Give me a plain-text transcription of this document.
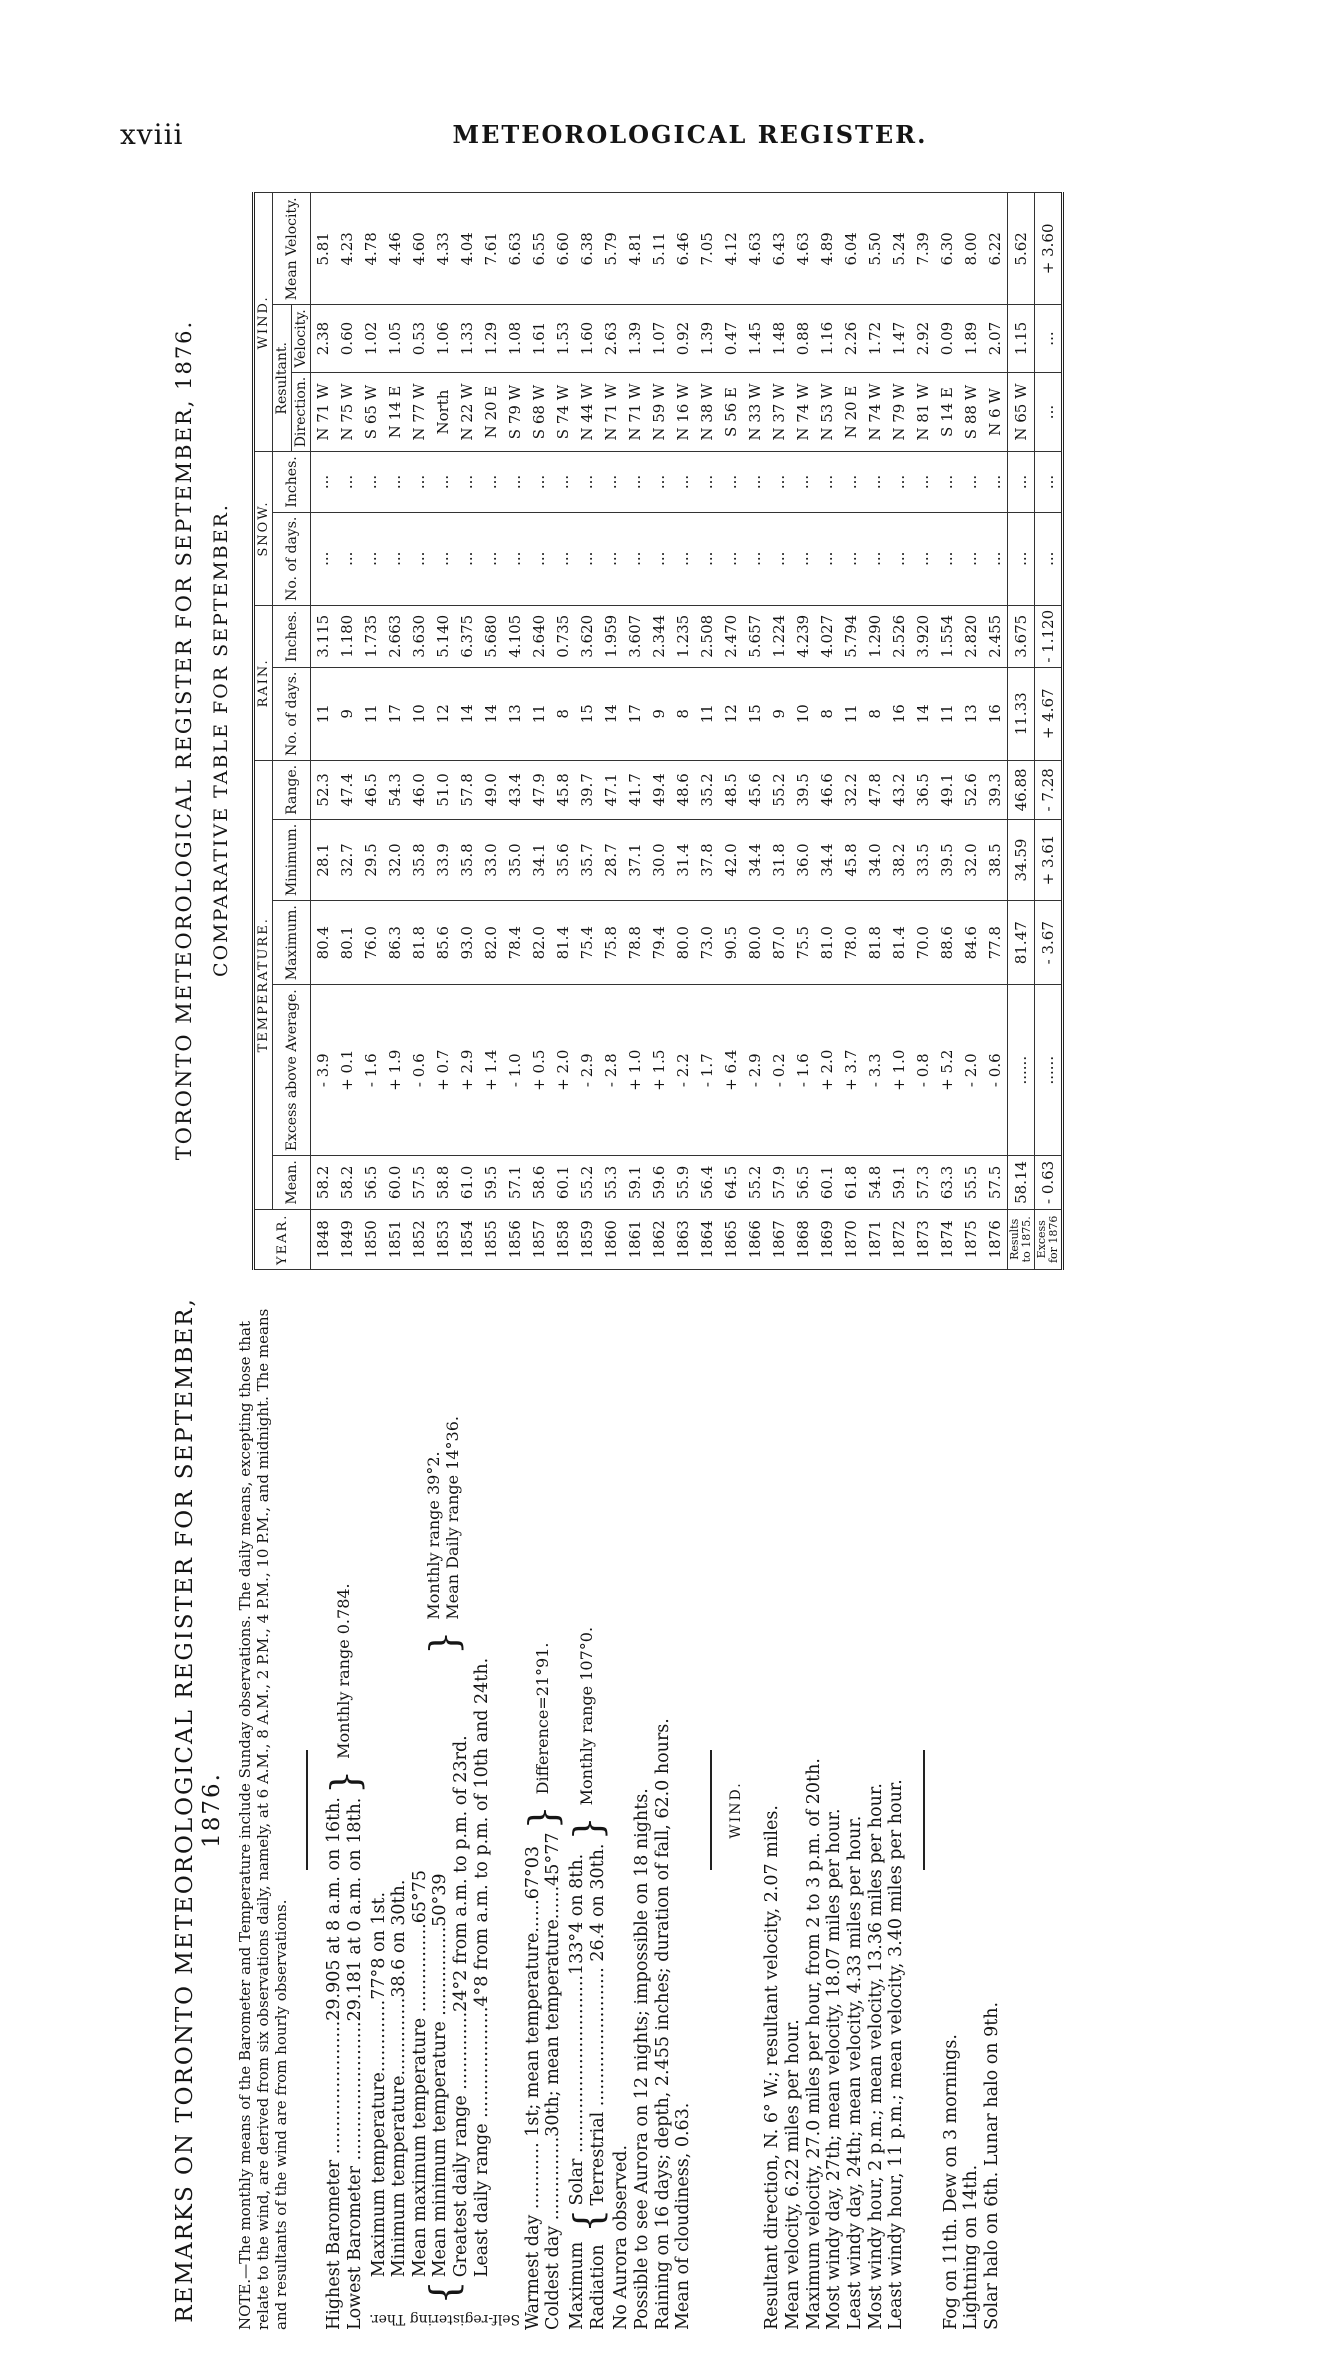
xviii	METEOROLOGICAL REGISTER.
REMARKS ON TORONTO METEOROLOGICAL REGISTER FOR SEPTEMBER, 1876. NOTE.—The monthly means of the Barometer and Temperature include Sunday observations. The daily means, excepting those that relate to the wind, are derived from six observations daily, namely, at 6 A.M., 8 A.M., 2 P.M., 4 P.M., 10 P.M., and midnight. The means and resultants of the wind are from hourly observations. Highest Barometer ........................29.905 at 8 a.m. on 16th. Lowest Barometer .........................29.181 at 0 a.m. on 18th.

}
Monthly range 0.784.
Self-registering Ther.
{

Maximum temperature.............77°8 on 1st. Minimum temperature..............38.6 on 30th. Mean maximum temperature ................65°75 Mean minimum temperature ................50°39 Greatest daily range ..............24°2 from a.m. to p.m. of 23rd. Least daily range ....................4°8 from a.m. to p.m. of 10th and 24th.

}
Monthly range 39°2. Mean Daily range 14°36.

Warmest day ............ 1st; mean temperature......67°03 Coldest day ...............30th; mean temperature......45°77

}
Difference=21°91.

Maximum Radiation

{

Solar ................................133°4 on 8th. Terrestrial ......................... 26.4 on 30th.

}
Monthly range 107°0.

No Aurora observed. Possible to see Aurora on 12 nights; impossible on 18 nights. Raining on 16 days; depth, 2.455 inches; duration of fall, 62.0 hours. Mean of cloudiness, 0.63.

WIND. Resultant direction, N. 6° W.; resultant velocity, 2.07 miles. Mean velocity, 6.22 miles per hour. Maximum velocity, 27.0 miles per hour, from 2 to 3 p.m. of 20th. Most windy day, 27th; mean velocity, 18.07 miles per hour. Least windy day, 24th; mean velocity, 4.33 miles per hour. Most windy hour, 2 p.m.; mean velocity, 13.36 miles per hour. Least windy hour, 11 p.m.; mean velocity, 3.40 miles per hour. Fog on 11th. Dew on 3 mornings. Lightning on 14th. Solar halo on 6th. Lunar halo on 9th.

TORONTO METEOROLOGICAL REGISTER FOR SEPTEMBER, 1876. COMPARATIVE TABLE FOR SEPTEMBER.
YEAR.	TEMPERATURE.					RAIN.		SNOW.		WIND.		
	Mean.	Excess above Average.	Maximum.	Minimum.	Range.	No. of days.	Inches.	No. of days.	Inches.	Resultant.		Mean Velocity.
										Direction.	Velocity.	
1848	58.2	- 3.9	80.4	28.1	52.3	11	3.115	...	...	N 71 W	2.38	5.81
1849	58.2	+ 0.1	80.1	32.7	47.4	9	1.180	...	...	N 75 W	0.60	4.23
1850	56.5	- 1.6	76.0	29.5	46.5	11	1.735	...	...	S 65 W	1.02	4.78
1851	60.0	+ 1.9	86.3	32.0	54.3	17	2.663	...	...	N 14 E	1.05	4.46
1852	57.5	- 0.6	81.8	35.8	46.0	10	3.630	...	...	N 77 W	0.53	4.60
1853	58.8	+ 0.7	85.6	33.9	51.0	12	5.140	...	...	North	1.06	4.33
1854	61.0	+ 2.9	93.0	35.8	57.8	14	6.375	...	...	N 22 W	1.33	4.04
1855	59.5	+ 1.4	82.0	33.0	49.0	14	5.680	...	...	N 20 E	1.29	7.61
1856	57.1	- 1.0	78.4	35.0	43.4	13	4.105	...	...	S 79 W	1.08	6.63
1857	58.6	+ 0.5	82.0	34.1	47.9	11	2.640	...	...	S 68 W	1.61	6.55
1858	60.1	+ 2.0	81.4	35.6	45.8	8	0.735	...	...	S 74 W	1.53	6.60
1859	55.2	- 2.9	75.4	35.7	39.7	15	3.620	...	...	N 44 W	1.60	6.38
1860	55.3	- 2.8	75.8	28.7	47.1	14	1.959	...	...	N 71 W	2.63	5.79
1861	59.1	+ 1.0	78.8	37.1	41.7	17	3.607	...	...	N 71 W	1.39	4.81
1862	59.6	+ 1.5	79.4	30.0	49.4	9	2.344	...	...	N 59 W	1.07	5.11
1863	55.9	- 2.2	80.0	31.4	48.6	8	1.235	...	...	N 16 W	0.92	6.46
1864	56.4	- 1.7	73.0	37.8	35.2	11	2.508	...	...	N 38 W	1.39	7.05
1865	64.5	+ 6.4	90.5	42.0	48.5	12	2.470	...	...	S 56 E	0.47	4.12
1866	55.2	- 2.9	80.0	34.4	45.6	15	5.657	...	...	N 33 W	1.45	4.63
1867	57.9	- 0.2	87.0	31.8	55.2	9	1.224	...	...	N 37 W	1.48	6.43
1868	56.5	- 1.6	75.5	36.0	39.5	10	4.239	...	...	N 74 W	0.88	4.63
1869	60.1	+ 2.0	81.0	34.4	46.6	8	4.027	...	...	N 53 W	1.16	4.89
1870	61.8	+ 3.7	78.0	45.8	32.2	11	5.794	...	...	N 20 E	2.26	6.04
1871	54.8	- 3.3	81.8	34.0	47.8	8	1.290	...	...	N 74 W	1.72	5.50
1872	59.1	+ 1.0	81.4	38.2	43.2	16	2.526	...	...	N 79 W	1.47	5.24
1873	57.3	- 0.8	70.0	33.5	36.5	14	3.920	...	...	N 81 W	2.92	7.39
1874	63.3	+ 5.2	88.6	39.5	49.1	11	1.554	...	...	S 14 E	0.09	6.30
1875	55.5	- 2.0	84.6	32.0	52.6	13	2.820	...	...	S 88 W	1.89	8.00
1876	57.5	- 0.6	77.8	38.5	39.3	16	2.455	...	...	N 6 W	2.07	6.22
Results to 1875.	58.14	......	81.47	34.59	46.88	11.33	3.675	...	...	N 65 W	1.15	5.62
Excess for 1876	- 0.63	......	- 3.67	+ 3.61	- 7.28	+ 4.67	- 1.120	...	...	...	...	+ 3.60
